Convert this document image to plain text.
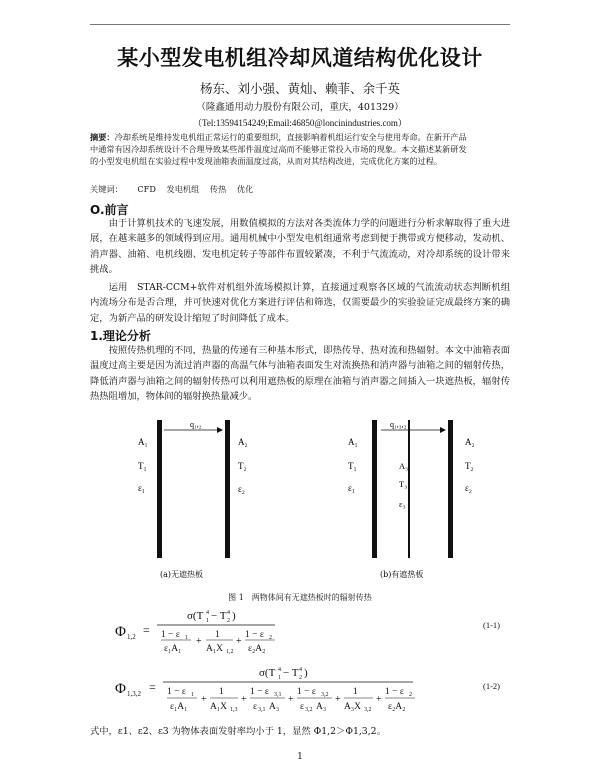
某小型发电机组冷却风道结构优化设计
杨东、刘小强、黄灿、赖菲、余千英
（隆鑫通用动力股份有限公司，重庆，401329）
（Tel:13594154249;Email:46850@loncinindustries.com）
摘要：冷却系统是维持发电机组正常运行的重要组织，直接影响着机组运行安全与使用寿命。在新开产品
中通常有因冷却系统设计不合理导致某些部件温度过高而不能够正常投入市场的现象。本文描述某新研发
的小型发电机组在实验过程中发现油箱表面温度过高，从而对其结构改进，完成优化方案的过程。
关键词： CFD 发电机组 传热 优化
O.前言
由于计算机技术的飞速发展，用数值模拟的方法对各类流体力学的问题进行分析求解取得了重大进展，在越来越多的领域得到应用。通用机械中小型发电机组通常考虑到便于携带或方便移动，发动机、消声器、油箱、电机线圈、发电机定转子等部件布置较紧凑，不利于气流流动，对冷却系统的设计带来挑战。
运用　STAR-CCM+软件对机组外流场模拟计算，直接通过观察各区域的气流流动状态判断机组内流场分布是否合理，并可快速对优化方案进行评估和筛选，仅需要最少的实验验证完成最终方案的确定，为新产品的研发设计缩短了时间降低了成本。
1.理论分析
按照传热机理的不同，热量的传递有三种基本形式，即热传导、热对流和热辐射。本文中油箱表面温度过高主要是因为流过消声器的高温气体与油箱表面发生对流换热和消声器与油箱之间的辐射传热，降低消声器与油箱之间的辐射传热可以利用遮热板的原理在油箱与消声器之间插入一块遮热板，辐射传热热阻增加，物体间的辐射换热量减少。
q₁,₂
A₁
T₁
ε₁
A₂
T₂
ε₂
(a)无遮热板
q₁,₃,₂
A₁
T₁
ε₁
A₃
T₃
ε₃
A₂
T₂
ε₂
(b)有遮热板
图 1　两物体间有无遮热板时的辐射传热
Φ 1,2 =
σ(T 4
1 − T 4
2 )
1 − ε 1
ε₁A₁
+
1
A₁X 1,2
+
1 − ε 2
ε₂A₂
(1-1)
Φ 1,3,2 =
σ(T 4
1 − T 4
2 )
1 − ε 1
ε₁A₁
+
1
A₁X 1,3
+
1 − ε 3,1
ε 3,1 A₃
+
1 − ε 3,2
ε 3,2 A₃
+
1
A₃X 3,2
+
1 − ε 2
ε₂A₂
(1-2)
式中，ε1、ε2、ε3 为物体表面发射率均小于 1，显然 Φ1,2＞Φ1,3,2。
1
